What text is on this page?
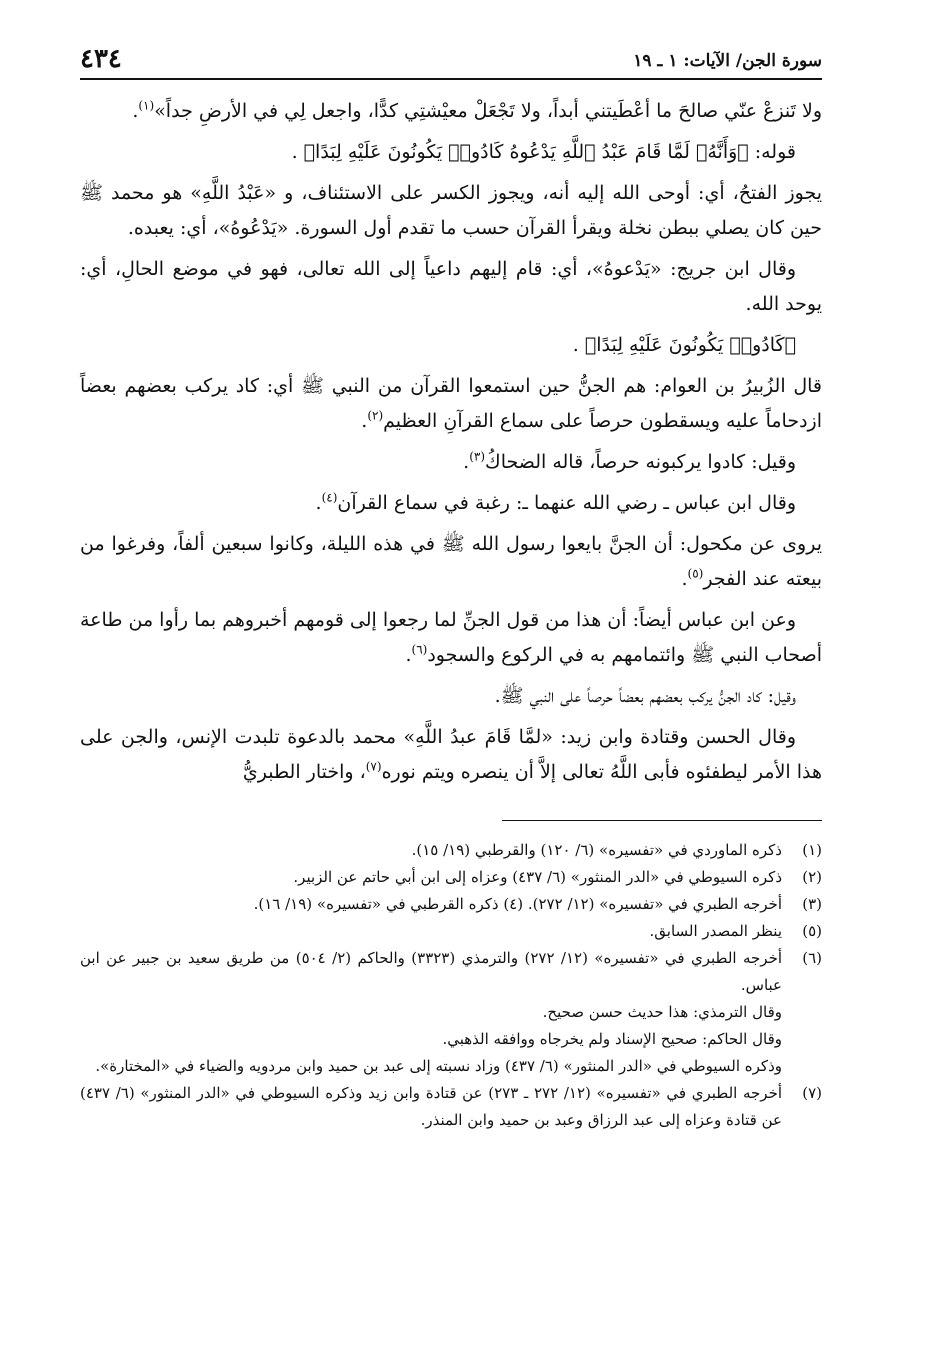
سورة الجن/ الآيات: ١ ـ ١٩
٤٣٤

ولا تَنزعْ عنّي صالحَ ما أعْطَيتني أبداً، ولا تَجْعَلْ معيْشتِي كدًّا، واجعل لِي في الأرضِ جداً»$^{(١)}$.

قوله: ﴿وَأَنَّهُۥ لَمَّا قَامَ عَبْدُ ٱللَّهِ يَدْعُوهُ كَادُوا۟ يَكُونُونَ عَلَيْهِ لِبَدًا﴾ .

يجوز الفتحُ، أي: أوحى الله إليه أنه، ويجوز الكسر على الاستئناف، و «عَبْدُ اللَّهِ» هو محمد ﷺ حين كان يصلي ببطن نخلة ويقرأ القرآن حسب ما تقدم أول السورة. «يَدْعُوهُ»، أي: يعبده.

وقال ابن جريج: «يَدْعوهُ»، أي: قام إليهم داعياً إلى الله تعالى، فهو في موضع الحالِ، أي: يوحد الله.

﴿كَادُوا۟ يَكُونُونَ عَلَيْهِ لِبَدًا﴾ .

قال الزُبيرُ بن العوام: هم الجنُّ حين استمعوا القرآن من النبي ﷺ أي: كاد يركب بعضهم بعضاً ازدحاماً عليه ويسقطون حرصاً على سماع القرآنِ العظيم$^{(٢)}$.

وقيل: كادوا يركبونه حرصاً، قاله الضحاكُ$^{(٣)}$.

وقال ابن عباس ـ رضي الله عنهما ـ: رغبة في سماع القرآن$^{(٤)}$.

يروى عن مكحول: أن الجنَّ بايعوا رسول الله ﷺ في هذه الليلة، وكانوا سبعين ألفاً، وفرغوا من بيعته عند الفجر$^{(٥)}$.

وعن ابن عباس أيضاً: أن هذا من قول الجنِّ لما رجعوا إلى قومهم أخبروهم بما رأوا من طاعة أصحاب النبي ﷺ وائتمامهم به في الركوع والسجود$^{(٦)}$.

وقيل: كاد الجنُّ يركب بعضهم بعضاً حرصاً على النبي ﷺ.

وقال الحسن وقتادة وابن زيد: «لمَّا قَامَ عبدُ اللَّهِ» محمد بالدعوة تلبدت الإنس، والجن على هذا الأمر ليطفئوه فأبى اللَّهُ تعالى إلاَّ أن ينصره ويتم نوره$^{(٧)}$، واختار الطبريُّ

(١)
ذكره الماوردي في «تفسيره» (٦/ ١٢٠) والقرطبي (١٩/ ١٥).
(٢)
ذكره السيوطي في «الدر المنثور» (٦/ ٤٣٧) وعزاه إلى ابن أبي حاتم عن الزبير.
(٣)
أخرجه الطبري في «تفسيره» (١٢/ ٢٧٢). (٤) ذكره القرطبي في «تفسيره» (١٩/ ١٦).
(٥)
ينظر المصدر السابق.
(٦)
أخرجه الطبري في «تفسيره» (١٢/ ٢٧٢) والترمذي (٣٣٢٣) والحاكم (٢/ ٥٠٤) من طريق سعيد بن جبير عن ابن عباس.
وقال الترمذي: هذا حديث حسن صحيح.
وقال الحاكم: صحيح الإسناد ولم يخرجاه ووافقه الذهبي.
وذكره السيوطي في «الدر المنثور» (٦/ ٤٣٧) وزاد نسبته إلى عبد بن حميد وابن مردويه والضياء في «المختارة».
(٧)
أخرجه الطبري في «تفسيره» (١٢/ ٢٧٢ ـ ٢٧٣) عن قتادة وابن زيد وذكره السيوطي في «الدر المنثور» (٦/ ٤٣٧) عن قتادة وعزاه إلى عبد الرزاق وعبد بن حميد وابن المنذر.
